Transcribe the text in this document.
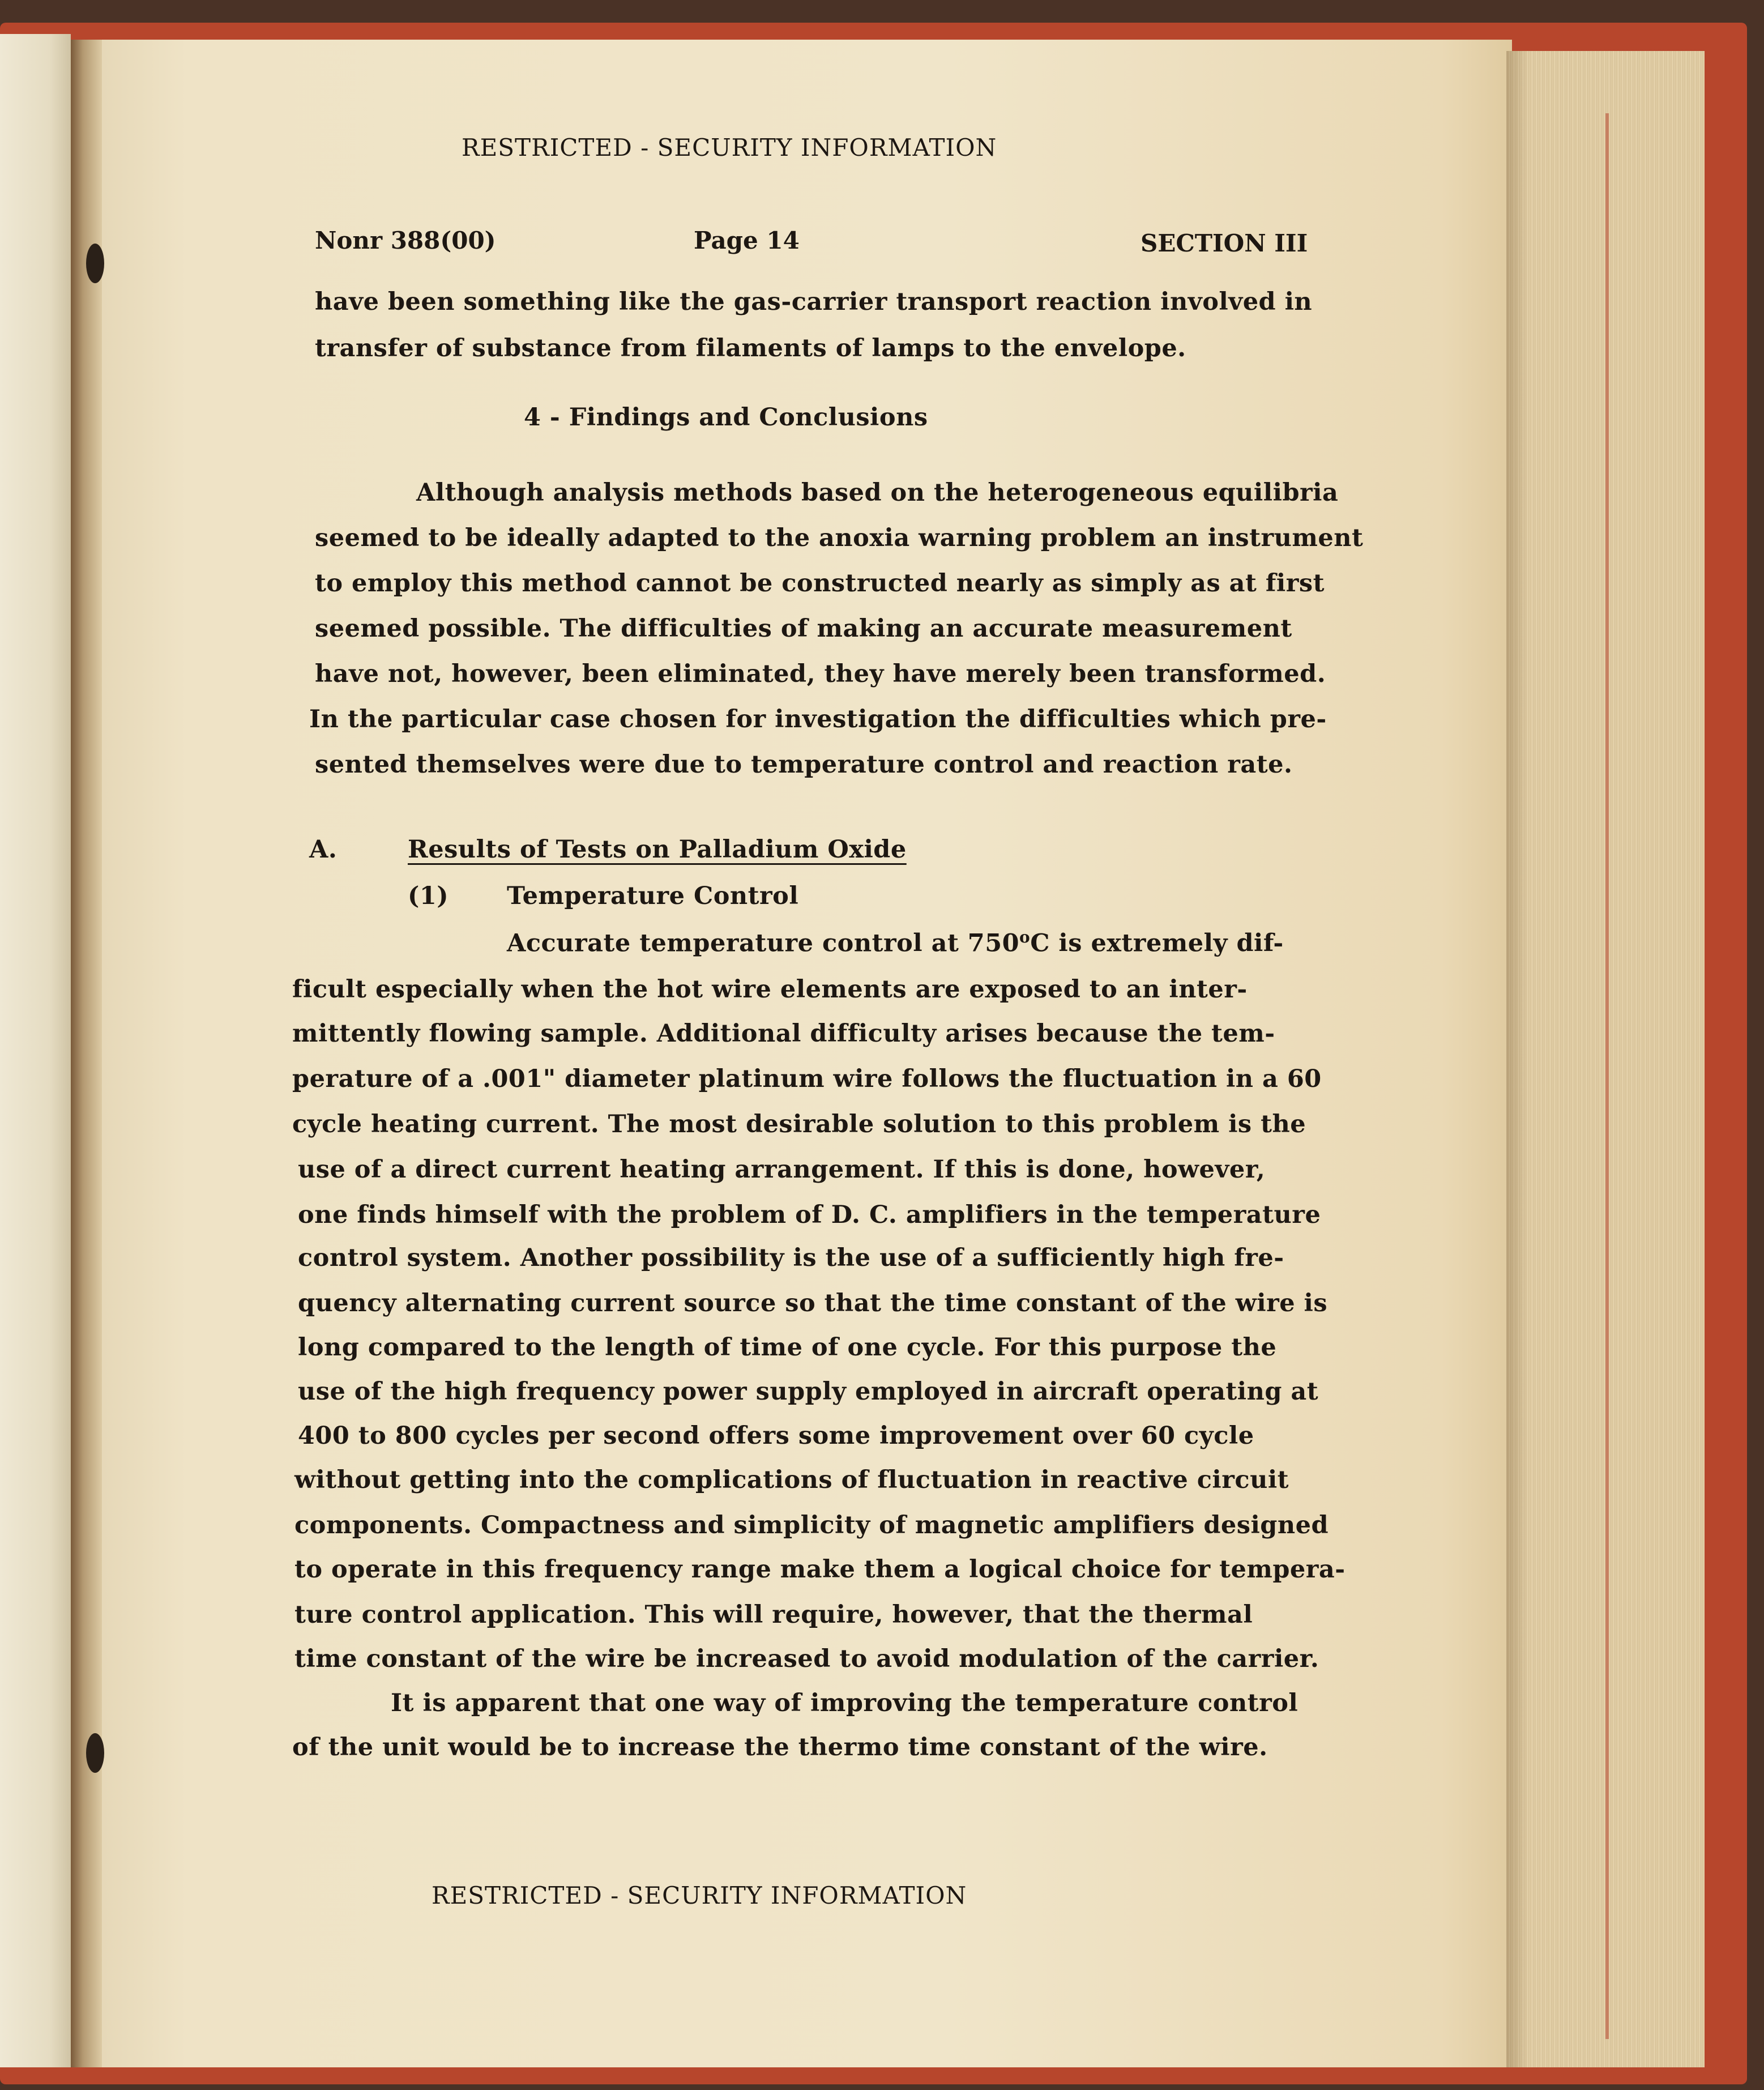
RESTRICTED - SECURITY INFORMATION
Nonr 388(00)	Page 14	SECTION III
have been something like the gas-carrier transport reaction involved in
transfer of substance from filaments of lamps to the envelope.
4 - Findings and Conclusions
Although analysis methods based on the heterogeneous equilibria
seemed to be ideally adapted to the anoxia warning problem an instrument
to employ this method cannot be constructed nearly as simply as at first
seemed possible. The difficulties of making an accurate measurement
have not, however, been eliminated, they have merely been transformed.
In the particular case chosen for investigation the difficulties which pre-
sented themselves were due to temperature control and reaction rate.
A.	Results of Tests on Palladium Oxide
(1) Temperature Control
Accurate temperature control at 750$^o$C is extremely dif-
ficult especially when the hot wire elements are exposed to an inter-
mittently flowing sample. Additional difficulty arises because the tem-
perature of a .001" diameter platinum wire follows the fluctuation in a 60
cycle heating current. The most desirable solution to this problem is the
use of a direct current heating arrangement. If this is done, however,
one finds himself with the problem of D. C. amplifiers in the temperature
control system. Another possibility is the use of a sufficiently high fre-
quency alternating current source so that the time constant of the wire is
long compared to the length of time of one cycle. For this purpose the
use of the high frequency power supply employed in aircraft operating at
400 to 800 cycles per second offers some improvement over 60 cycle
without getting into the complications of fluctuation in reactive circuit
components. Compactness and simplicity of magnetic amplifiers designed
to operate in this frequency range make them a logical choice for tempera-
ture control application. This will require, however, that the thermal
time constant of the wire be increased to avoid modulation of the carrier.
It is apparent that one way of improving the temperature control
of the unit would be to increase the thermo time constant of the wire.
RESTRICTED - SECURITY INFORMATION
